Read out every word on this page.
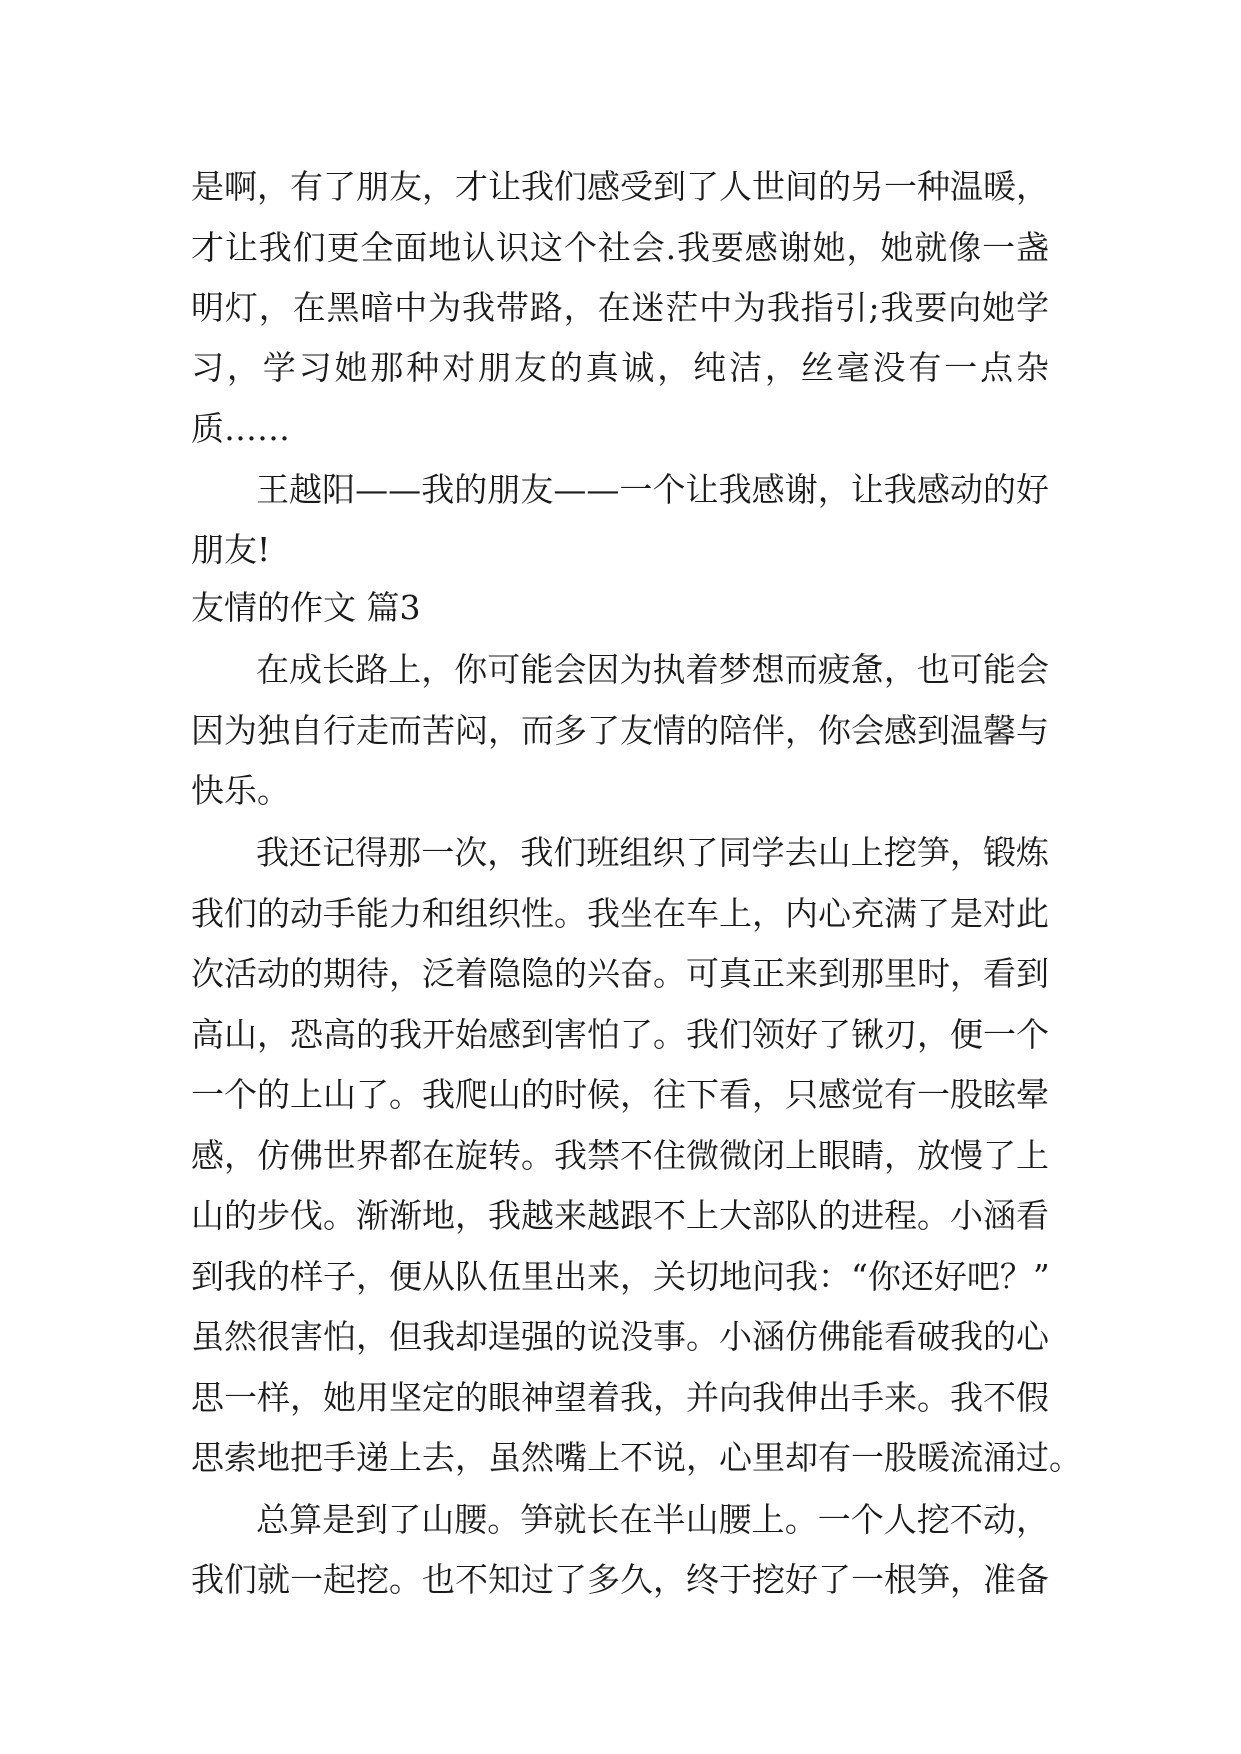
是啊，有了朋友，才让我们感受到了人世间的另一种温暖，
才让我们更全面地认识这个社会.我要感谢她，她就像一盏
明灯，在黑暗中为我带路，在迷茫中为我指引;我要向她学
习，学习她那种对朋友的真诚，纯洁，丝毫没有一点杂
质……
王越阳——我的朋友——一个让我感谢，让我感动的好
朋友!
友情的作文 篇3
在成长路上，你可能会因为执着梦想而疲惫，也可能会
因为独自行走而苦闷，而多了友情的陪伴，你会感到温馨与
快乐。
我还记得那一次，我们班组织了同学去山上挖笋，锻炼
我们的动手能力和组织性。我坐在车上，内心充满了是对此
次活动的期待，泛着隐隐的兴奋。可真正来到那里时，看到
高山，恐高的我开始感到害怕了。我们领好了锹刃，便一个
一个的上山了。我爬山的时候，往下看，只感觉有一股眩晕
感，仿佛世界都在旋转。我禁不住微微闭上眼睛，放慢了上
山的步伐。渐渐地，我越来越跟不上大部队的进程。小涵看
到我的样子，便从队伍里出来，关切地问我：“你还好吧？”
虽然很害怕，但我却逞强的说没事。小涵仿佛能看破我的心
思一样，她用坚定的眼神望着我，并向我伸出手来。我不假
思索地把手递上去，虽然嘴上不说，心里却有一股暖流涌过。
总算是到了山腰。笋就长在半山腰上。一个人挖不动，
我们就一起挖。也不知过了多久，终于挖好了一根笋，准备
